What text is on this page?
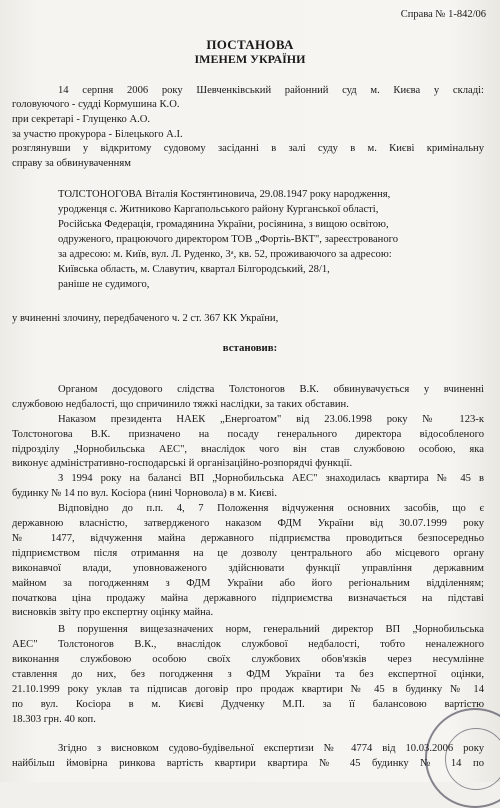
Справа № 1-842/06
ПОСТАНОВА
ІМЕНЕМ УКРАЇНИ
14 серпня 2006 року Шевченківський районний суд м. Києва у складі:
головуючого - судді Кормушина К.О.
при секретарі - Глущенко А.О.
за участю прокурора - Білецького А.І.
розглянувши у відкритому судовому засіданні в залі суду в м. Києві кримінальну
справу за обвинуваченням
ТОЛСТОНОГОВА Віталія Костянтиновича, 29.08.1947 року народження,
уродженця с. Житниково Каргапольського району Курганської області,
Російська Федерація, громадянина України, росіянина, з вищою освітою,
одруженого, працюючого директором ТОВ „Фортіь-ВКТ", зареєстрованого
за адресою: м. Київ, вул. Л. Руденко, 3ᵃ, кв. 52, проживаючого за адресою:
Київська область, м. Славутич, квартал Білгородський, 28/1,
раніше не судимого,
у вчиненні злочину, передбаченого ч. 2 ст. 367 КК України,
встановив:
Органом досудового слідства Толстоногов В.К. обвинувачується у вчиненні
службовою недбалості, що спричинило тяжкі наслідки, за таких обставин.
Наказом президента НАЕК „Енергоатом" від 23.06.1998 року № 123-к
Толстоногова В.К. призначено на посаду генерального директора відособленого
підрозділу „Чорнобильська АЕС", внаслідок чого він став службовою особою, яка
виконує адміністративно-господарські й організаційно-розпорядчі функції.
З 1994 року на балансі ВП „Чорнобильська АЕС" знаходилась квартира № 45 в
будинку № 14 по вул. Косіора (нині Чорновола) в м. Києві.
Відповідно до п.п. 4, 7 Положення відчуження основних засобів, що є
державною власністю, затвердженого наказом ФДМ України від 30.07.1999 року
№ 1477, відчуження майна державного підприємства проводиться безпосередньо
підприємством після отримання на це дозволу центрального або місцевого органу
виконавчої влади, уповноваженого здійснювати функції управління державним
майном за погодженням з ФДМ України або його регіональним відділенням;
початкова ціна продажу майна державного підприємства визначається на підставі
висновків звіту про експертну оцінку майна.
В порушення вищезазначених норм, генеральний директор ВП „Чорнобильська
АЕС" Толстоногов В.К., внаслідок службової недбалості, тобто неналежного
виконання службовою особою своїх службових обов'язків через несумлінне
ставлення до них, без погодження з ФДМ України та без експертної оцінки,
21.10.1999 року уклав та підписав договір про продаж квартири № 45 в будинку № 14
по вул. Косіора в м. Києві Дудченку М.П. за її балансовою вартістю
18.303 грн. 40 коп.
Згідно з висновком судово-будівельної експертизи № 4774 від 10.03.2006 року
найбільш ймовірна ринкова вартість квартири квартира № 45 будинку № 14 по
